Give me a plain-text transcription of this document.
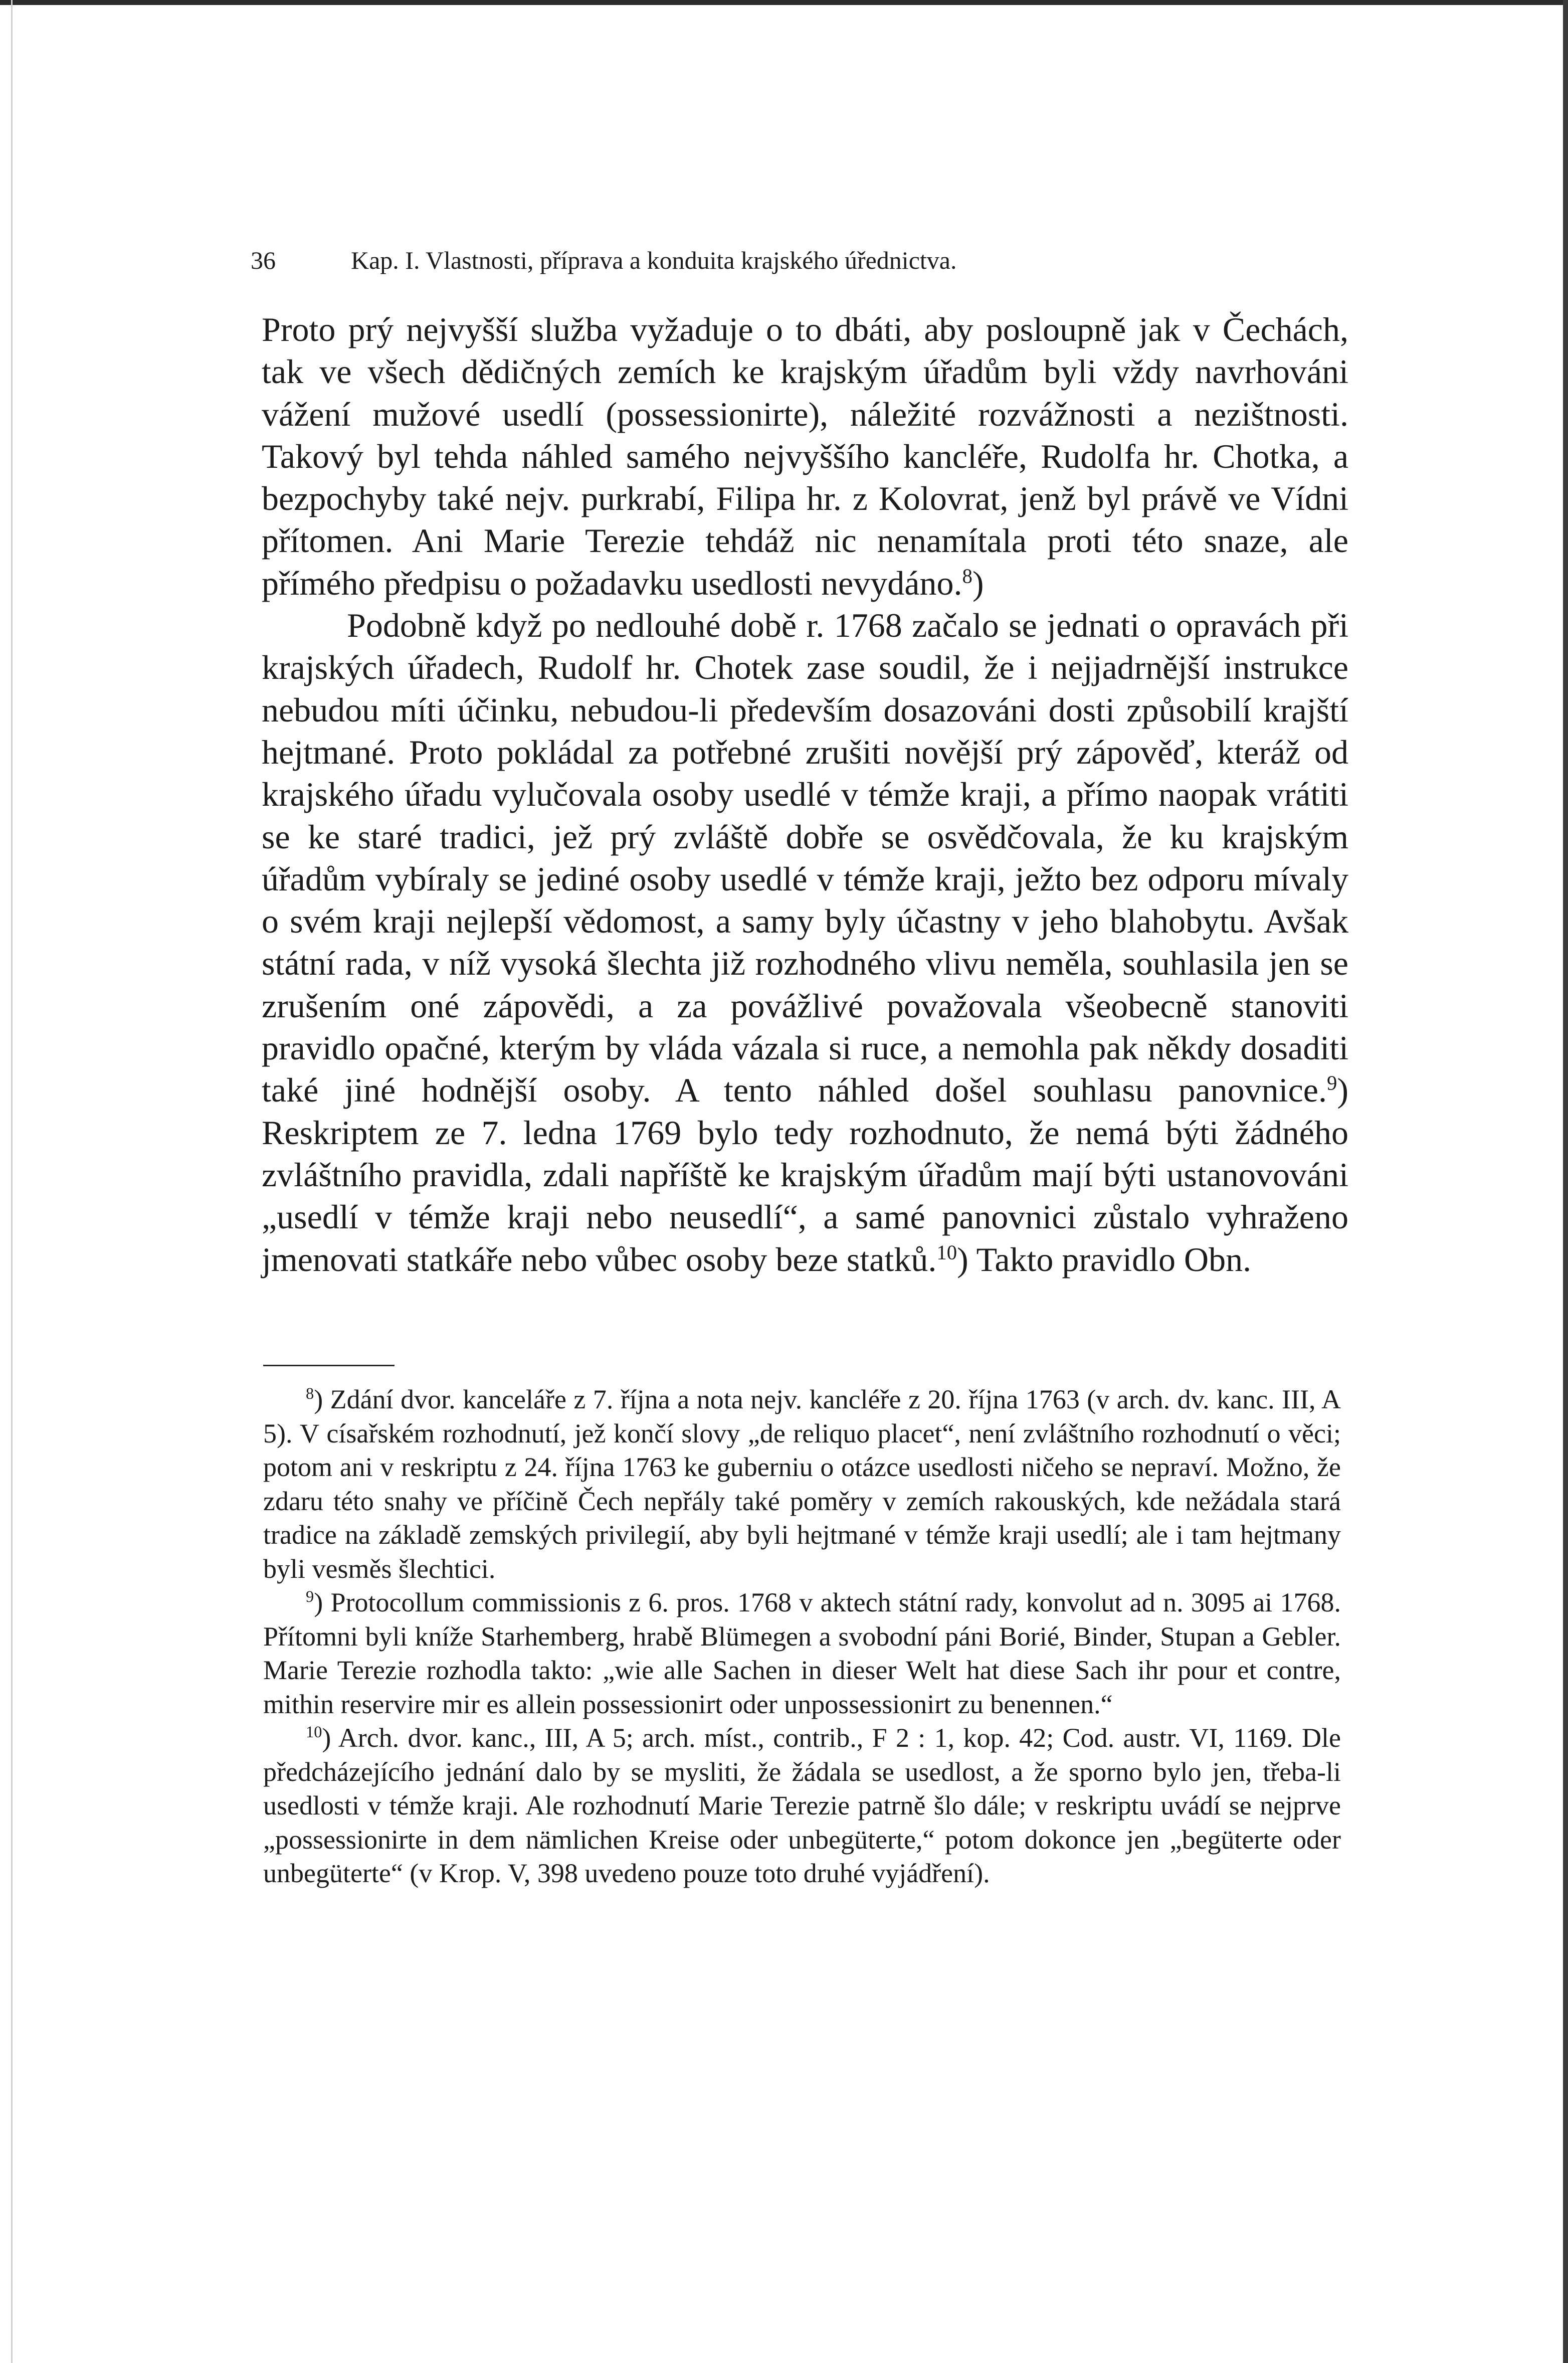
36	Kap. I. Vlastnosti, příprava a konduita krajského úřednictva.

Proto prý nejvyšší služba vyžaduje o to dbáti, aby posloupně jak v Čechách, tak ve všech dědičných zemích ke krajským úřadům byli vždy navrhováni vážení mužové usedlí (possessionirte), náležité rozvážnosti a nezištnosti. Takový byl tehda náhled samého nejvyššího kancléře, Rudolfa hr. Chotka, a bezpochyby také nejv. purkrabí, Filipa hr. z Kolovrat, jenž byl právě ve Vídni přítomen. Ani Marie Terezie tehdáž nic nenamítala proti této snaze, ale přímého předpisu o požadavku usedlosti nevydáno.$^8$)

Podobně když po nedlouhé době r. 1768 začalo se jednati o opravách při krajských úřadech, Rudolf hr. Chotek zase soudil, že i nejjadrnější instrukce nebudou míti účinku, nebudou-li především dosazováni dosti způsobilí krajští hejtmané. Proto pokládal za potřebné zrušiti novější prý zápověď, kteráž od krajského úřadu vylučovala osoby usedlé v témže kraji, a přímo naopak vrátiti se ke staré tradici, jež prý zvláště dobře se osvědčovala, že ku krajským úřadům vybíraly se jediné osoby usedlé v témže kraji, ježto bez odporu mívaly o svém kraji nejlepší vědomost, a samy byly účastny v jeho blahobytu. Avšak státní rada, v níž vysoká šlechta již rozhodného vlivu neměla, souhlasila jen se zrušením oné zápovědi, a za povážlivé považovala všeobecně stanoviti pravidlo opačné, kterým by vláda vázala si ruce, a nemohla pak někdy dosaditi také jiné hodnější osoby. A tento náhled došel souhlasu panovnice.$^9$) Reskriptem ze 7. ledna 1769 bylo tedy rozhodnuto, že nemá býti žádného zvláštního pravidla, zdali napříště ke krajským úřadům mají býti ustanovováni „usedlí v témže kraji nebo neusedlí“, a samé panovnici zůstalo vyhraženo jmenovati statkáře nebo vůbec osoby beze statků.$^{10}$) Takto pravidlo Obn.

$^8$) Zdání dvor. kanceláře z 7. října a nota nejv. kancléře z 20. října 1763 (v arch. dv. kanc. III, A 5). V císařském rozhodnutí, jež končí slovy „de reliquo placet“, není zvláštního rozhodnutí o věci; potom ani v reskriptu z 24. října 1763 ke guberniu o otázce usedlosti ničeho se nepraví. Možno, že zdaru této snahy ve příčině Čech nepřály také poměry v zemích rakouských, kde nežádala stará tradice na základě zemských privilegií, aby byli hejtmané v témže kraji usedlí; ale i tam hejtmany byli vesměs šlechtici.

$^9$) Protocollum commissionis z 6. pros. 1768 v aktech státní rady, konvolut ad n. 3095 ai 1768. Přítomni byli kníže Starhemberg, hrabě Blümegen a svobodní páni Borié, Binder, Stupan a Gebler. Marie Terezie rozhodla takto: „wie alle Sachen in dieser Welt hat diese Sach ihr pour et contre, mithin reservire mir es allein possessionirt oder unpossessionirt zu benennen.“

$^{10}$) Arch. dvor. kanc., III, A 5; arch. míst., contrib., F 2 : 1, kop. 42; Cod. austr. VI, 1169. Dle předcházejícího jednání dalo by se mysliti, že žádala se usedlost, a že sporno bylo jen, třeba-li usedlosti v témže kraji. Ale rozhodnutí Marie Terezie patrně šlo dále; v reskriptu uvádí se nejprve „possessionirte in dem nämlichen Kreise oder unbegüterte,“ potom dokonce jen „begüterte oder unbegüterte“ (v Krop. V, 398 uvedeno pouze toto druhé vyjádření).
